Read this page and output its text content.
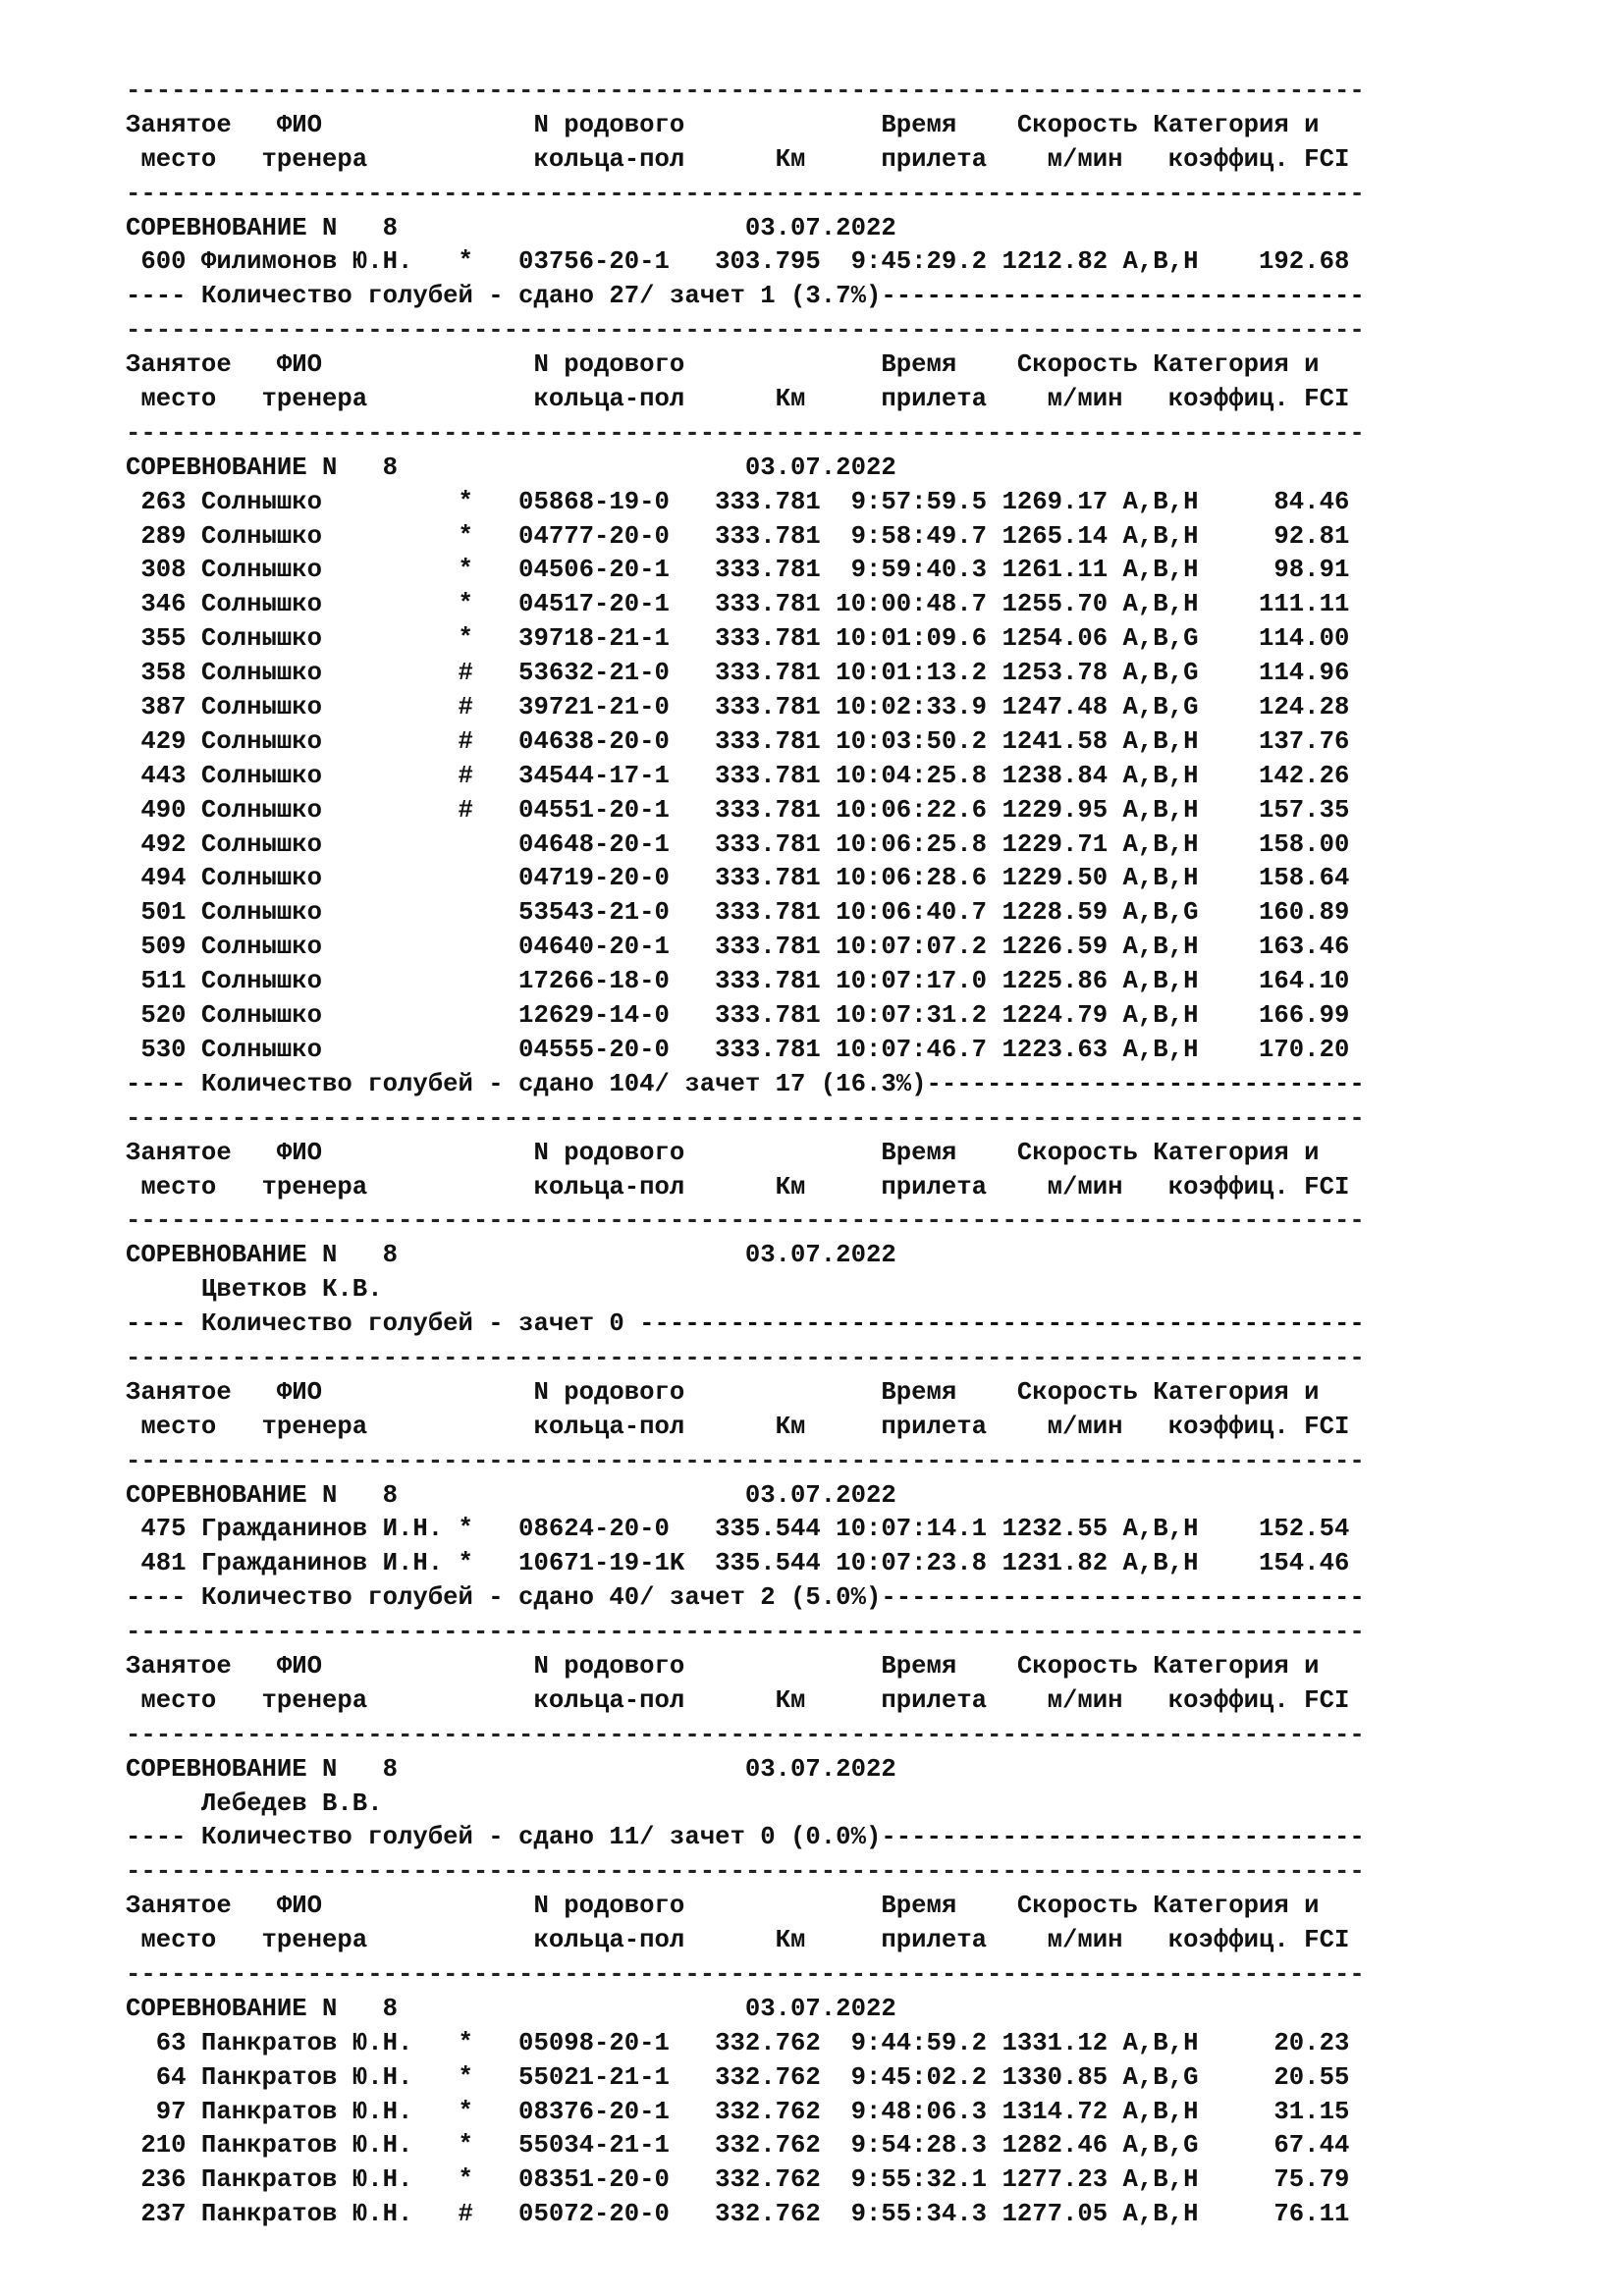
----------------------------------------------------------------------------------
Занятое   ФИО              N родового             Время    Скорость Категория и
место   тренера           кольца-пол      Км     прилета    м/мин   коэффиц. FCI
----------------------------------------------------------------------------------
СОРЕВНОВАНИЕ N   8                       03.07.2022
600 Филимонов Ю.Н.   *   03756-20-1   303.795  9:45:29.2 1212.82 A,B,H    192.68
---- Количество голубей - сдано 27/ зачет 1 (3.7%)--------------------------------
----------------------------------------------------------------------------------
Занятое   ФИО              N родового             Время    Скорость Категория и
место   тренера           кольца-пол      Км     прилета    м/мин   коэффиц. FCI
----------------------------------------------------------------------------------
СОРЕВНОВАНИЕ N   8                       03.07.2022
263 Солнышко         *   05868-19-0   333.781  9:57:59.5 1269.17 A,B,H     84.46
289 Солнышко         *   04777-20-0   333.781  9:58:49.7 1265.14 A,B,H     92.81
308 Солнышко         *   04506-20-1   333.781  9:59:40.3 1261.11 A,B,H     98.91
346 Солнышко         *   04517-20-1   333.781 10:00:48.7 1255.70 A,B,H    111.11
355 Солнышко         *   39718-21-1   333.781 10:01:09.6 1254.06 A,B,G    114.00
358 Солнышко         #   53632-21-0   333.781 10:01:13.2 1253.78 A,B,G    114.96
387 Солнышко         #   39721-21-0   333.781 10:02:33.9 1247.48 A,B,G    124.28
429 Солнышко         #   04638-20-0   333.781 10:03:50.2 1241.58 A,B,H    137.76
443 Солнышко         #   34544-17-1   333.781 10:04:25.8 1238.84 A,B,H    142.26
490 Солнышко         #   04551-20-1   333.781 10:06:22.6 1229.95 A,B,H    157.35
492 Солнышко             04648-20-1   333.781 10:06:25.8 1229.71 A,B,H    158.00
494 Солнышко             04719-20-0   333.781 10:06:28.6 1229.50 A,B,H    158.64
501 Солнышко             53543-21-0   333.781 10:06:40.7 1228.59 A,B,G    160.89
509 Солнышко             04640-20-1   333.781 10:07:07.2 1226.59 A,B,H    163.46
511 Солнышко             17266-18-0   333.781 10:07:17.0 1225.86 A,B,H    164.10
520 Солнышко             12629-14-0   333.781 10:07:31.2 1224.79 A,B,H    166.99
530 Солнышко             04555-20-0   333.781 10:07:46.7 1223.63 A,B,H    170.20
---- Количество голубей - сдано 104/ зачет 17 (16.3%)-----------------------------
----------------------------------------------------------------------------------
Занятое   ФИО              N родового             Время    Скорость Категория и
место   тренера           кольца-пол      Км     прилета    м/мин   коэффиц. FCI
----------------------------------------------------------------------------------
СОРЕВНОВАНИЕ N   8                       03.07.2022
Цветков К.В.
---- Количество голубей - зачет 0 ------------------------------------------------
----------------------------------------------------------------------------------
Занятое   ФИО              N родового             Время    Скорость Категория и
место   тренера           кольца-пол      Км     прилета    м/мин   коэффиц. FCI
----------------------------------------------------------------------------------
СОРЕВНОВАНИЕ N   8                       03.07.2022
475 Гражданинов И.Н. *   08624-20-0   335.544 10:07:14.1 1232.55 A,B,H    152.54
481 Гражданинов И.Н. *   10671-19-1K  335.544 10:07:23.8 1231.82 A,B,H    154.46
---- Количество голубей - сдано 40/ зачет 2 (5.0%)--------------------------------
----------------------------------------------------------------------------------
Занятое   ФИО              N родового             Время    Скорость Категория и
место   тренера           кольца-пол      Км     прилета    м/мин   коэффиц. FCI
----------------------------------------------------------------------------------
СОРЕВНОВАНИЕ N   8                       03.07.2022
Лебедев В.В.
---- Количество голубей - сдано 11/ зачет 0 (0.0%)--------------------------------
----------------------------------------------------------------------------------
Занятое   ФИО              N родового             Время    Скорость Категория и
место   тренера           кольца-пол      Км     прилета    м/мин   коэффиц. FCI
----------------------------------------------------------------------------------
СОРЕВНОВАНИЕ N   8                       03.07.2022
63 Панкратов Ю.Н.   *   05098-20-1   332.762  9:44:59.2 1331.12 A,B,H     20.23
64 Панкратов Ю.Н.   *   55021-21-1   332.762  9:45:02.2 1330.85 A,B,G     20.55
97 Панкратов Ю.Н.   *   08376-20-1   332.762  9:48:06.3 1314.72 A,B,H     31.15
210 Панкратов Ю.Н.   *   55034-21-1   332.762  9:54:28.3 1282.46 A,B,G     67.44
236 Панкратов Ю.Н.   *   08351-20-0   332.762  9:55:32.1 1277.23 A,B,H     75.79
237 Панкратов Ю.Н.   #   05072-20-0   332.762  9:55:34.3 1277.05 A,B,H     76.11
